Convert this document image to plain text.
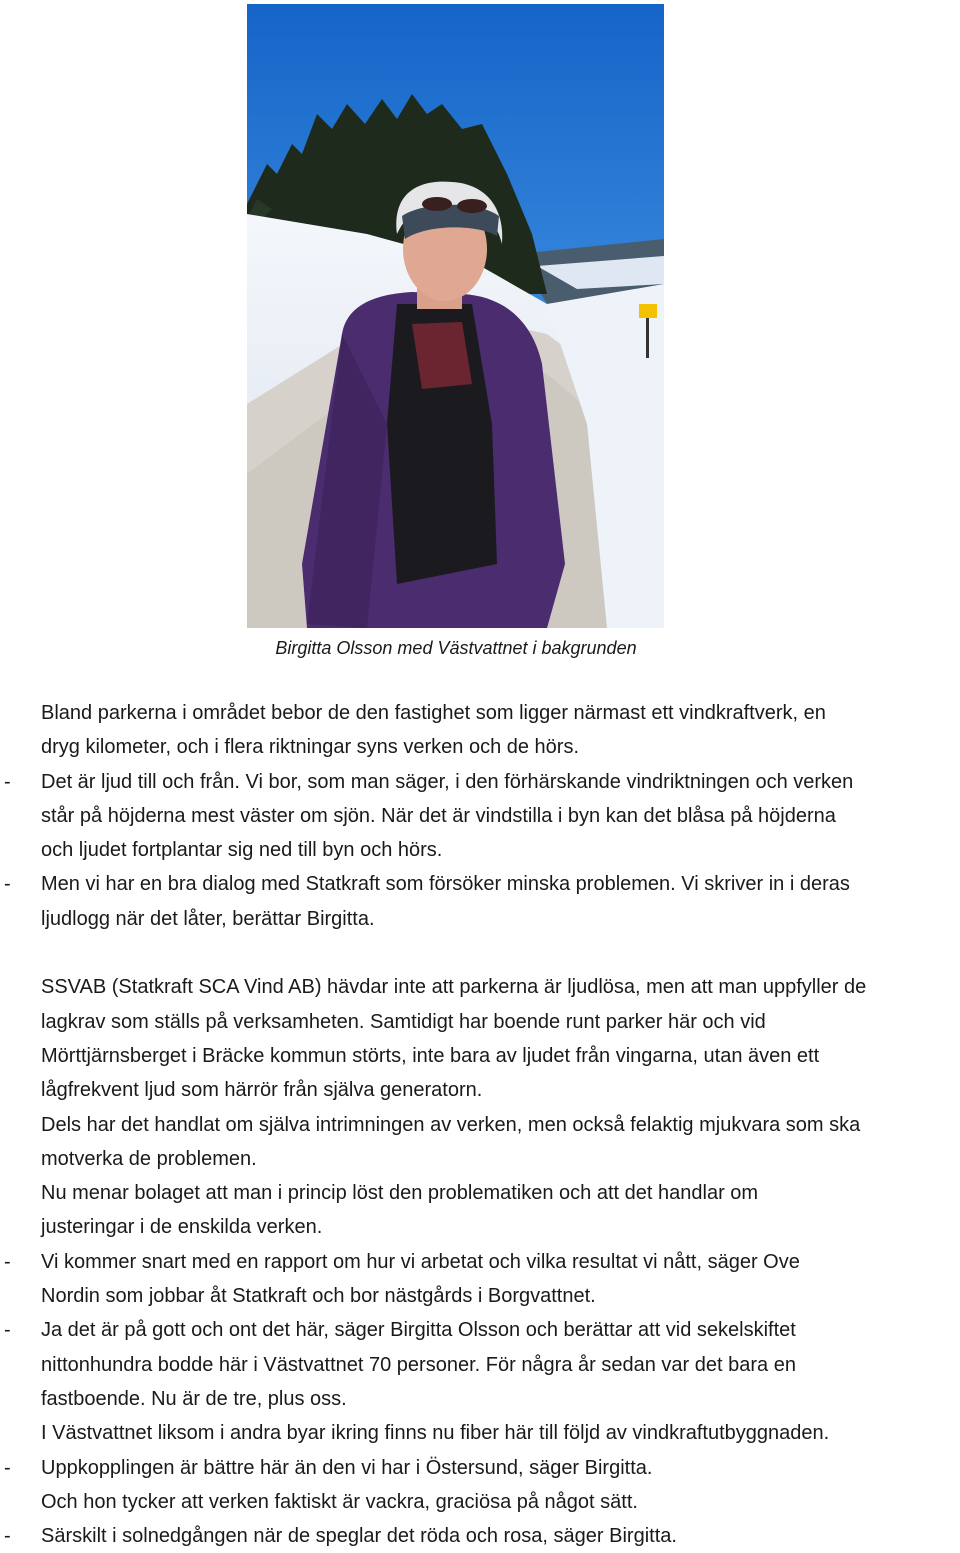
Birgitta Olsson med Västvattnet i bakgrunden
Bland parkerna i området bebor de den fastighet som ligger närmast ett vindkraftverk, en
dryg kilometer, och i flera riktningar syns verken och de hörs.
- Det är ljud till och från. Vi bor, som man säger, i den förhärskande vindriktningen och verken
står på höjderna mest väster om sjön. När det är vindstilla i byn kan det blåsa på höjderna
och ljudet fortplantar sig ned till byn och hörs.
- Men vi har en bra dialog med Statkraft som försöker minska problemen. Vi skriver in i deras
ljudlogg när det låter, berättar Birgitta.
SSVAB (Statkraft SCA Vind AB) hävdar inte att parkerna är ljudlösa, men att man uppfyller de
lagkrav som ställs på verksamheten. Samtidigt har boende runt parker här och vid
Mörttjärnsberget i Bräcke kommun störts, inte bara av ljudet från vingarna, utan även ett
lågfrekvent ljud som härrör från själva generatorn.
Dels har det handlat om själva intrimningen av verken, men också felaktig mjukvara som ska
motverka de problemen.
Nu menar bolaget att man i princip löst den problematiken och att det handlar om
justeringar i de enskilda verken.
- Vi kommer snart med en rapport om hur vi arbetat och vilka resultat vi nått, säger Ove
Nordin som jobbar åt Statkraft och bor nästgårds i Borgvattnet.
- Ja det är på gott och ont det här, säger Birgitta Olsson och berättar att vid sekelskiftet
nittonhundra bodde här i Västvattnet 70 personer. För några år sedan var det bara en
fastboende. Nu är de tre, plus oss.
I Västvattnet liksom i andra byar ikring finns nu fiber här till följd av vindkraftutbyggnaden.
- Uppkopplingen är bättre här än den vi har i Östersund, säger Birgitta.
Och hon tycker att verken faktiskt är vackra, graciösa på något sätt.
- Särskilt i solnedgången när de speglar det röda och rosa, säger Birgitta.
